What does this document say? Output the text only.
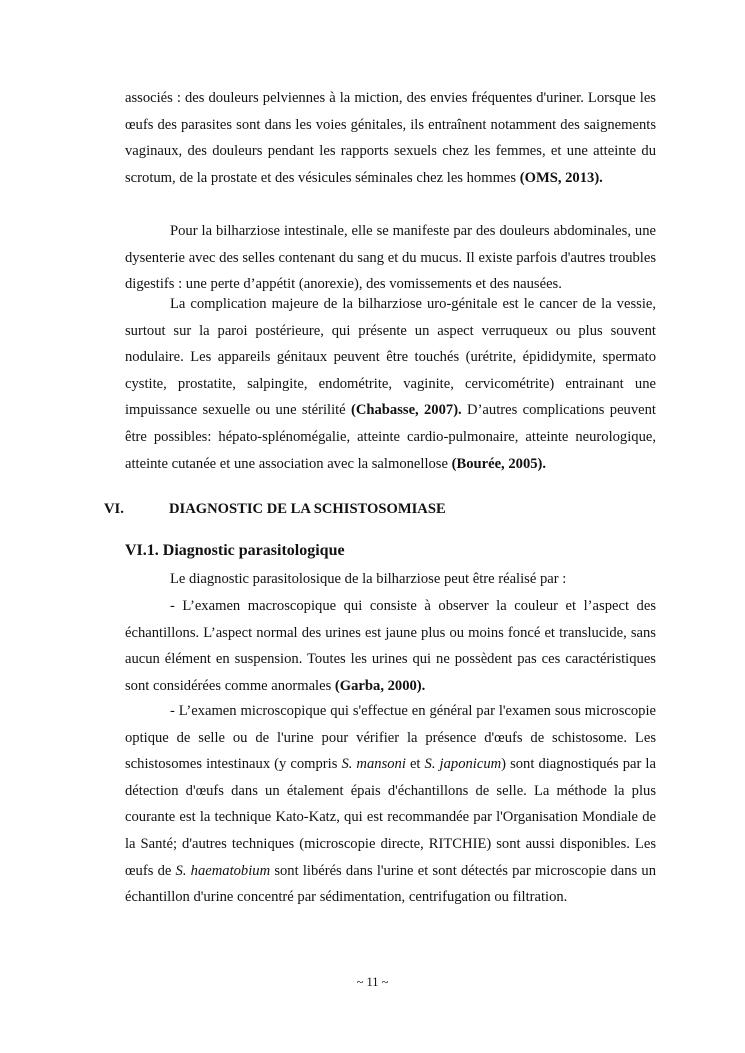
associés : des douleurs pelviennes à la miction, des envies fréquentes d'uriner. Lorsque les œufs des parasites sont dans les voies génitales, ils entraînent notamment des saignements vaginaux, des douleurs pendant les rapports sexuels chez les femmes, et une atteinte du scrotum, de la prostate et des vésicules séminales chez les hommes (OMS, 2013).

Pour la bilharziose intestinale, elle se manifeste par des douleurs abdominales, une dysenterie avec des selles contenant du sang et du mucus. Il existe parfois d'autres troubles digestifs : une perte d’appétit (anorexie), des vomissements et des nausées.

La complication majeure de la bilharziose uro-génitale est le cancer de la vessie, surtout sur la paroi postérieure, qui présente un aspect verruqueux ou plus souvent nodulaire. Les appareils génitaux peuvent être touchés (urétrite, épididymite, spermato cystite, prostatite, salpingite, endométrite, vaginite, cervicométrite) entrainant une impuissance sexuelle ou une stérilité (Chabasse, 2007). D’autres complications peuvent être possibles: hépato-splénomégalie, atteinte cardio-pulmonaire, atteinte neurologique, atteinte cutanée et une association avec la salmonellose (Bourée, 2005).

VI.	DIAGNOSTIC DE LA SCHISTOSOMIASE
VI.1. Diagnostic parasitologique

Le diagnostic parasitolosique de la bilharziose peut être réalisé par :

- L’examen macroscopique qui consiste à observer la couleur et l’aspect des échantillons. L’aspect normal des urines est jaune plus ou moins foncé et translucide, sans aucun élément en suspension. Toutes les urines qui ne possèdent pas ces caractéristiques sont considérées comme anormales (Garba, 2000).

- L’examen microscopique qui s'effectue en général par l'examen sous microscopie optique de selle ou de l'urine pour vérifier la présence d'œufs de schistosome. Les schistosomes intestinaux (y compris S. mansoni et S. japonicum) sont diagnostiqués par la détection d'œufs dans un étalement épais d'échantillons de selle. La méthode la plus courante est la technique Kato-Katz, qui est recommandée par l'Organisation Mondiale de la Santé; d'autres techniques (microscopie directe, RITCHIE) sont aussi disponibles. Les œufs de S. haematobium sont libérés dans l'urine et sont détectés par microscopie dans un échantillon d'urine concentré par sédimentation, centrifugation ou filtration.

~ 11 ~
